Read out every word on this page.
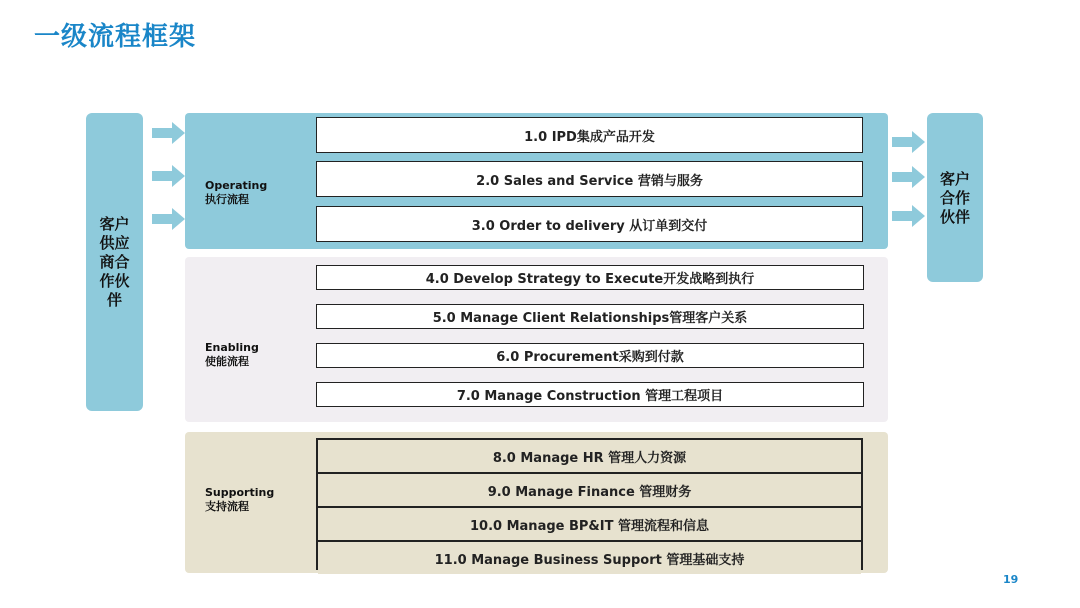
一级流程框架
客户供应商合作伙伴
Operating
执行流程
1.0 IPD集成产品开发
2.0 Sales and Service 营销与服务
3.0 Order to delivery 从订单到交付
客户合作伙伴
Enabling
使能流程
4.0 Develop Strategy to Execute开发战略到执行
5.0 Manage Client Relationships管理客户关系
6.0 Procurement采购到付款
7.0 Manage Construction 管理工程项目
Supporting
支持流程
8.0 Manage HR 管理人力资源
9.0 Manage Finance 管理财务
10.0 Manage BP&IT 管理流程和信息
11.0 Manage Business Support 管理基础支持
19
